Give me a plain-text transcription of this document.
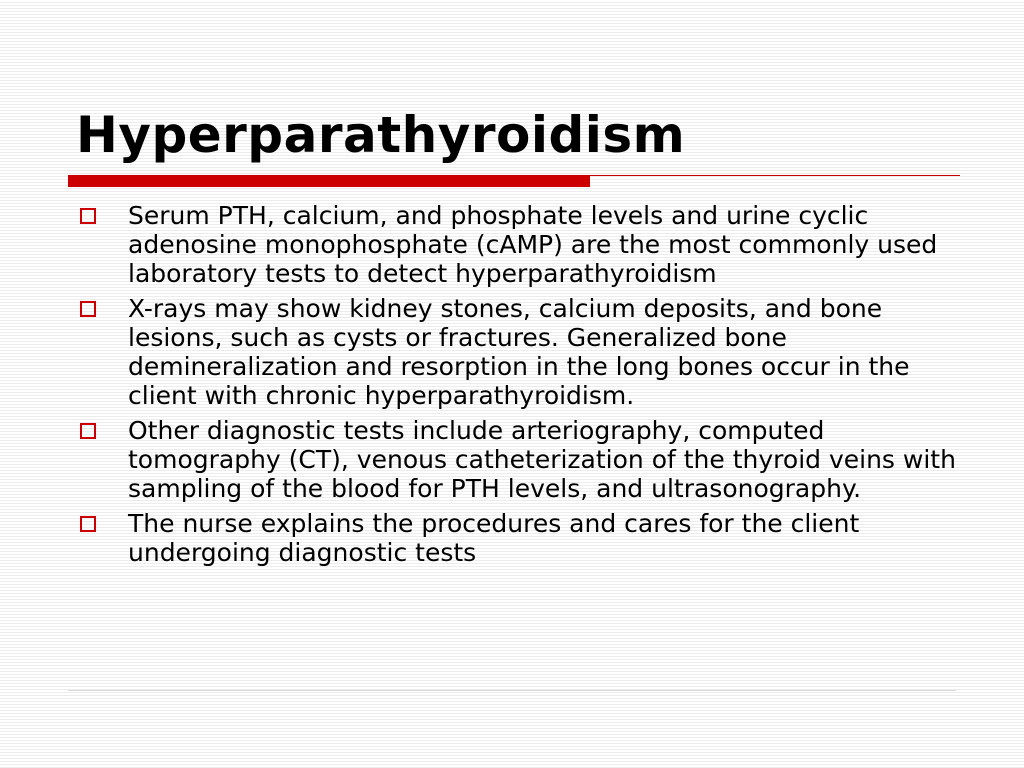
Hyperparathyroidism
Serum PTH, calcium, and phosphate levels and urine cyclic adenosine monophosphate (cAMP) are the most commonly used laboratory tests to detect hyperparathyroidism
X-rays may show kidney stones, calcium deposits, and bone lesions, such as cysts or fractures. Generalized bone demineralization and resorption in the long bones occur in the client with chronic hyperparathyroidism.
Other diagnostic tests include arteriography, computed tomography (CT), venous catheterization of the thyroid veins with sampling of the blood for PTH levels, and ultrasonography.
The nurse explains the procedures and cares for the client undergoing diagnostic tests
